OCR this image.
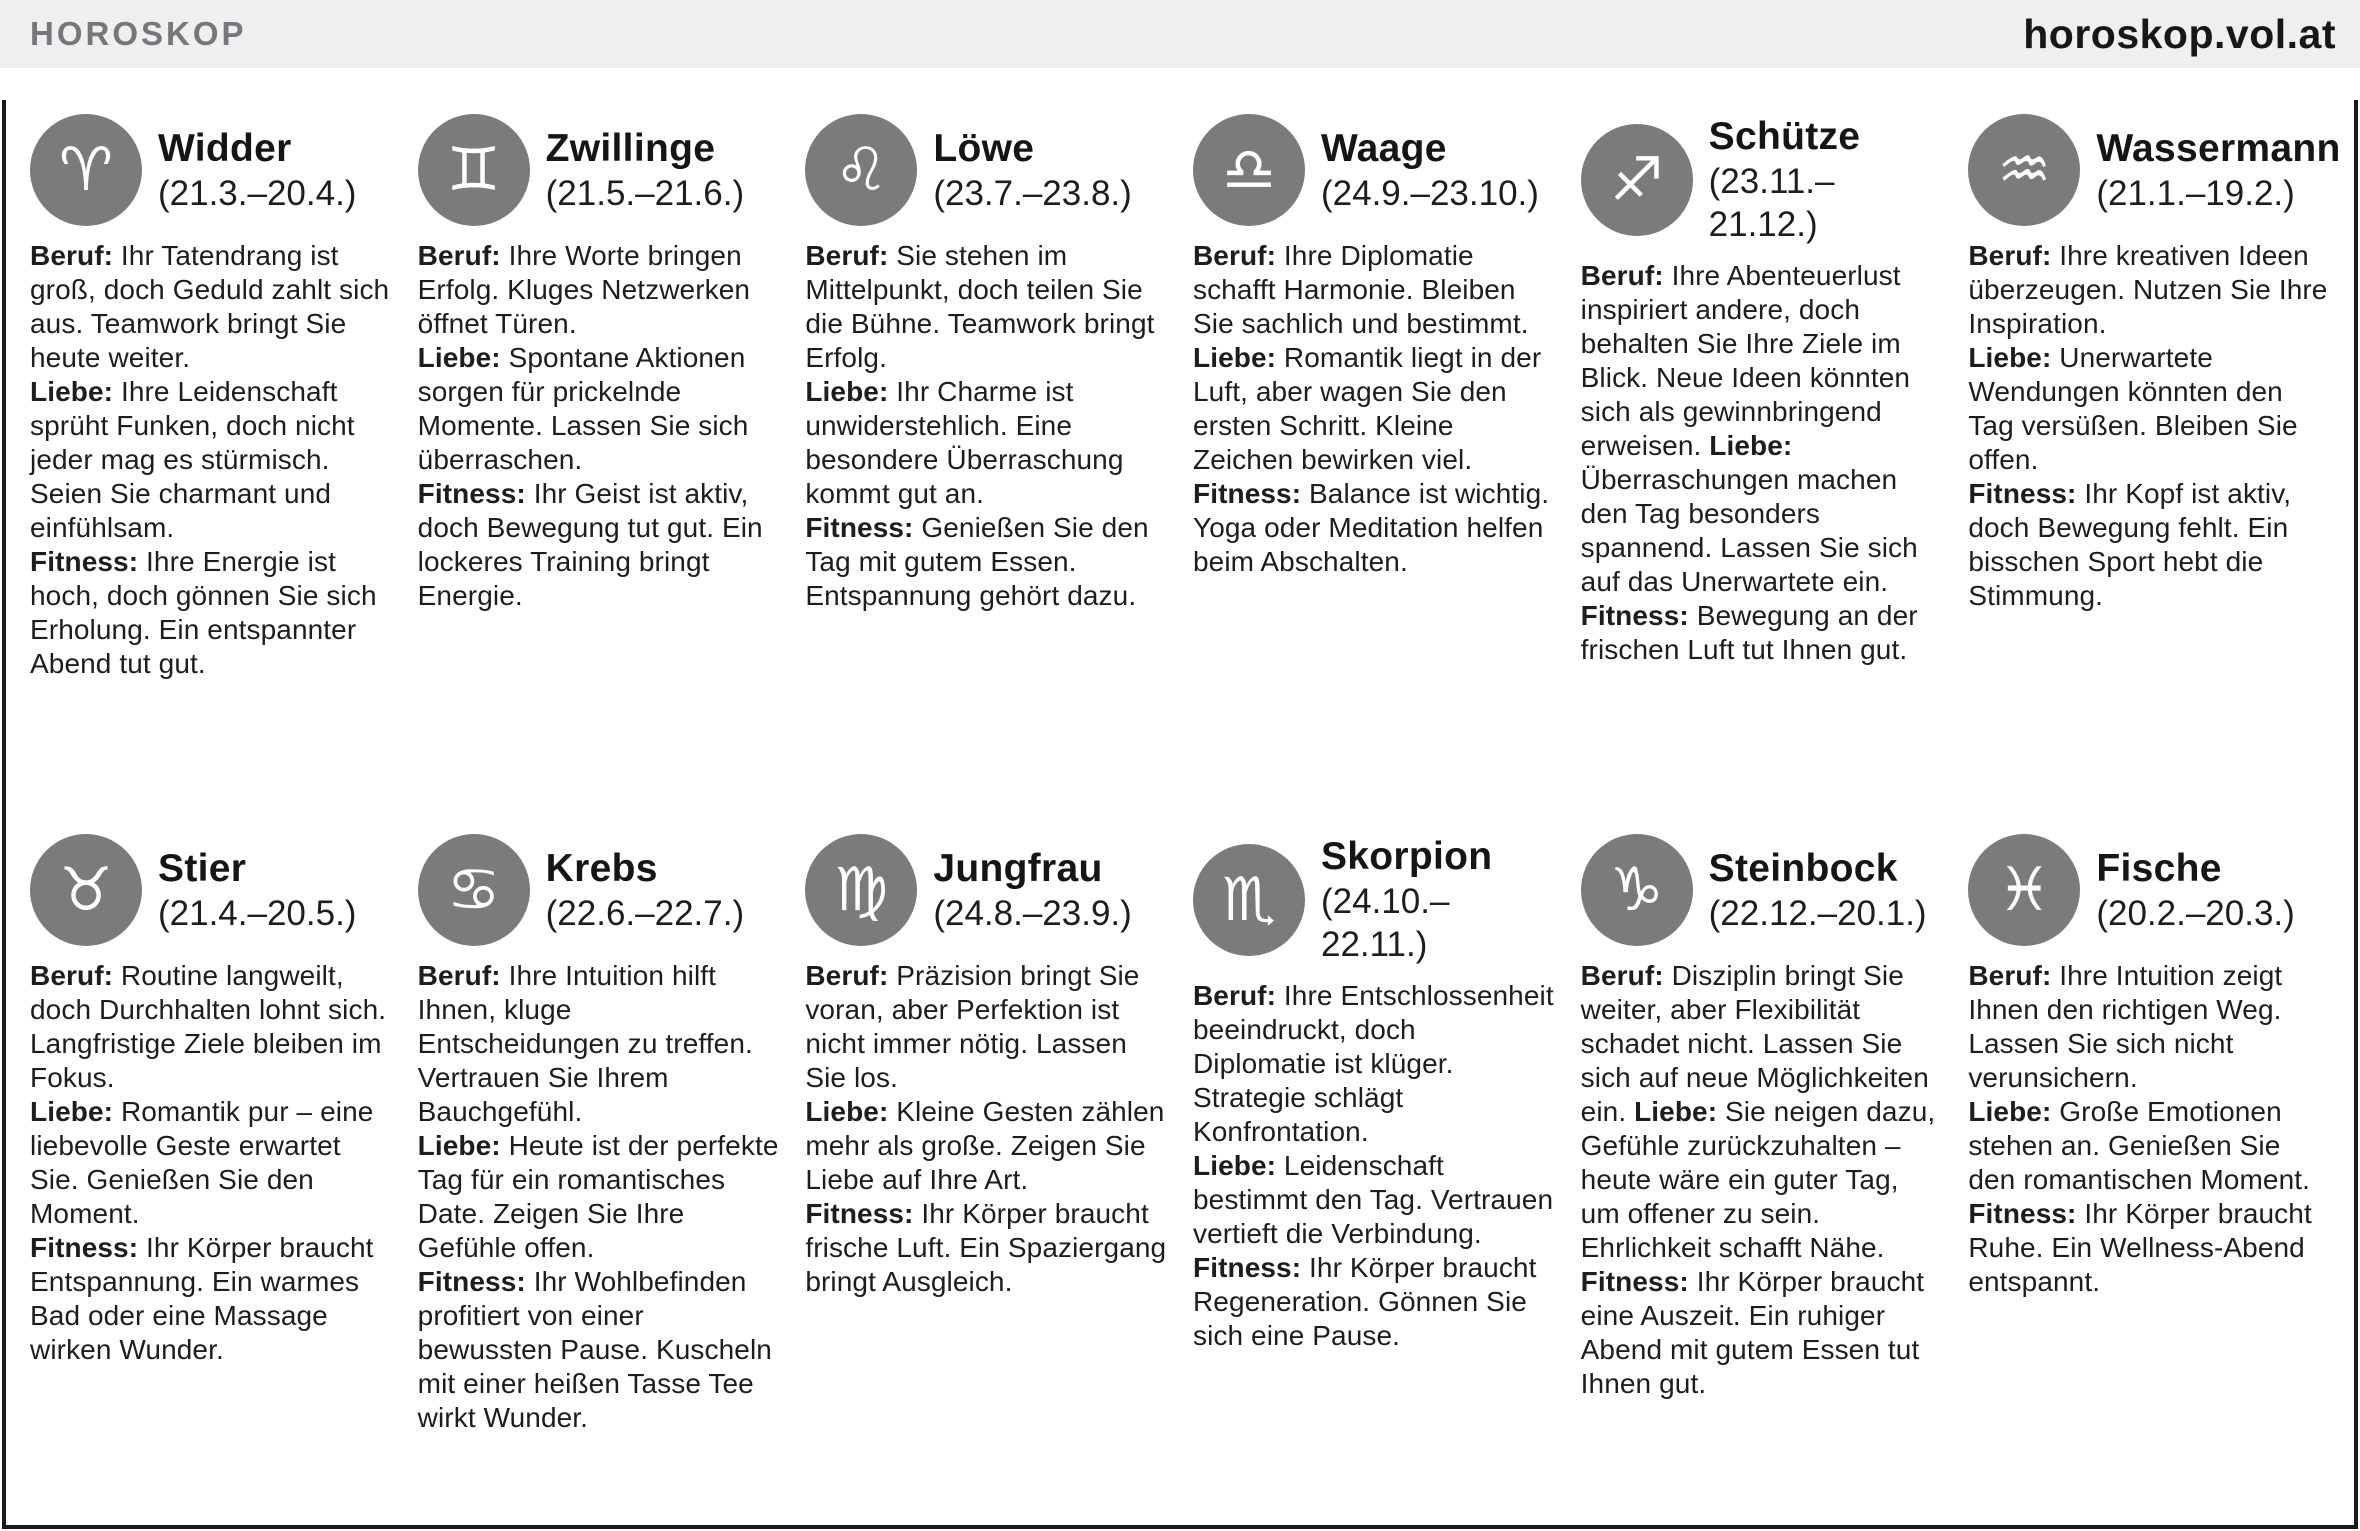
HOROSKOP	horoskop.vol.at
♈ Widder
(21.3.–20.4.)

Beruf: Ihr Tatendrang ist groß, doch Geduld zahlt sich aus. Teamwork bringt Sie heute weiter.
Liebe: Ihre Leidenschaft sprüht Funken, doch nicht jeder mag es stürmisch. Seien Sie charmant und einfühlsam.
Fitness: Ihre Energie ist hoch, doch gönnen Sie sich Erholung. Ein entspannter Abend tut gut.

♊ Zwillinge
(21.5.–21.6.)

Beruf: Ihre Worte bringen Erfolg. Kluges Netzwerken öffnet Türen.
Liebe: Spontane Aktionen sorgen für prickelnde Momente. Lassen Sie sich überraschen.
Fitness: Ihr Geist ist aktiv, doch Bewegung tut gut. Ein lockeres Training bringt Energie.

♌ Löwe
(23.7.–23.8.)

Beruf: Sie stehen im Mittelpunkt, doch teilen Sie die Bühne. Teamwork bringt Erfolg.
Liebe: Ihr Charme ist unwiderstehlich. Eine besondere Überraschung kommt gut an.
Fitness: Genießen Sie den Tag mit gutem Essen. Entspannung gehört dazu.

♎ Waage
(24.9.–23.10.)

Beruf: Ihre Diplomatie schafft Harmonie. Bleiben Sie sachlich und bestimmt.
Liebe: Romantik liegt in der Luft, aber wagen Sie den ersten Schritt. Kleine Zeichen bewirken viel.
Fitness: Balance ist wichtig. Yoga oder Meditation helfen beim Abschalten.

♐
Schütze
(23.11.–21.12.)

Beruf: Ihre Abenteuerlust inspiriert andere, doch behalten Sie Ihre Ziele im Blick. Neue Ideen könnten sich als gewinnbringend erweisen. Liebe: Überraschungen machen den Tag besonders spannend. Lassen Sie sich auf das Unerwartete ein. Fitness: Bewegung an der frischen Luft tut Ihnen gut.

♒ Wassermann
(21.1.–19.2.)

Beruf: Ihre kreativen Ideen überzeugen. Nutzen Sie Ihre Inspiration.
Liebe: Unerwartete Wendungen könnten den Tag versüßen. Bleiben Sie offen.
Fitness: Ihr Kopf ist aktiv, doch Bewegung fehlt. Ein bisschen Sport hebt die Stimmung.

♉ Stier
(21.4.–20.5.)

Beruf: Routine langweilt, doch Durchhalten lohnt sich. Langfristige Ziele bleiben im Fokus.
Liebe: Romantik pur – eine liebevolle Geste erwartet Sie. Genießen Sie den Moment.
Fitness: Ihr Körper braucht Entspannung. Ein warmes Bad oder eine Massage wirken Wunder.

♋ Krebs
(22.6.–22.7.)

Beruf: Ihre Intuition hilft Ihnen, kluge Entscheidungen zu treffen. Vertrauen Sie Ihrem Bauchgefühl.
Liebe: Heute ist der perfekte Tag für ein romantisches Date. Zeigen Sie Ihre Gefühle offen.
Fitness: Ihr Wohlbefinden profitiert von einer bewussten Pause. Kuscheln mit einer heißen Tasse Tee wirkt Wunder.

♍ Jungfrau
(24.8.–23.9.)

Beruf: Präzision bringt Sie voran, aber Perfektion ist nicht immer nötig. Lassen Sie los.
Liebe: Kleine Gesten zählen mehr als große. Zeigen Sie Liebe auf Ihre Art.
Fitness: Ihr Körper braucht frische Luft. Ein Spaziergang bringt Ausgleich.

♏
Skorpion
(24.10.–22.11.)

Beruf: Ihre Entschlossenheit beeindruckt, doch Diplomatie ist klüger. Strategie schlägt Konfrontation.
Liebe: Leidenschaft bestimmt den Tag. Vertrauen vertieft die Verbindung.
Fitness: Ihr Körper braucht Regeneration. Gönnen Sie sich eine Pause.

♑ Steinbock
(22.12.–20.1.)

Beruf: Disziplin bringt Sie weiter, aber Flexibilität schadet nicht. Lassen Sie sich auf neue Möglichkeiten ein. Liebe: Sie neigen dazu, Gefühle zurückzuhalten – heute wäre ein guter Tag, um offener zu sein. Ehrlichkeit schafft Nähe. Fitness: Ihr Körper braucht eine Auszeit. Ein ruhiger Abend mit gutem Essen tut Ihnen gut.

♓ Fische
(20.2.–20.3.)

Beruf: Ihre Intuition zeigt Ihnen den richtigen Weg. Lassen Sie sich nicht verunsichern.
Liebe: Große Emotionen stehen an. Genießen Sie den romantischen Moment.
Fitness: Ihr Körper braucht Ruhe. Ein Wellness-Abend entspannt.
